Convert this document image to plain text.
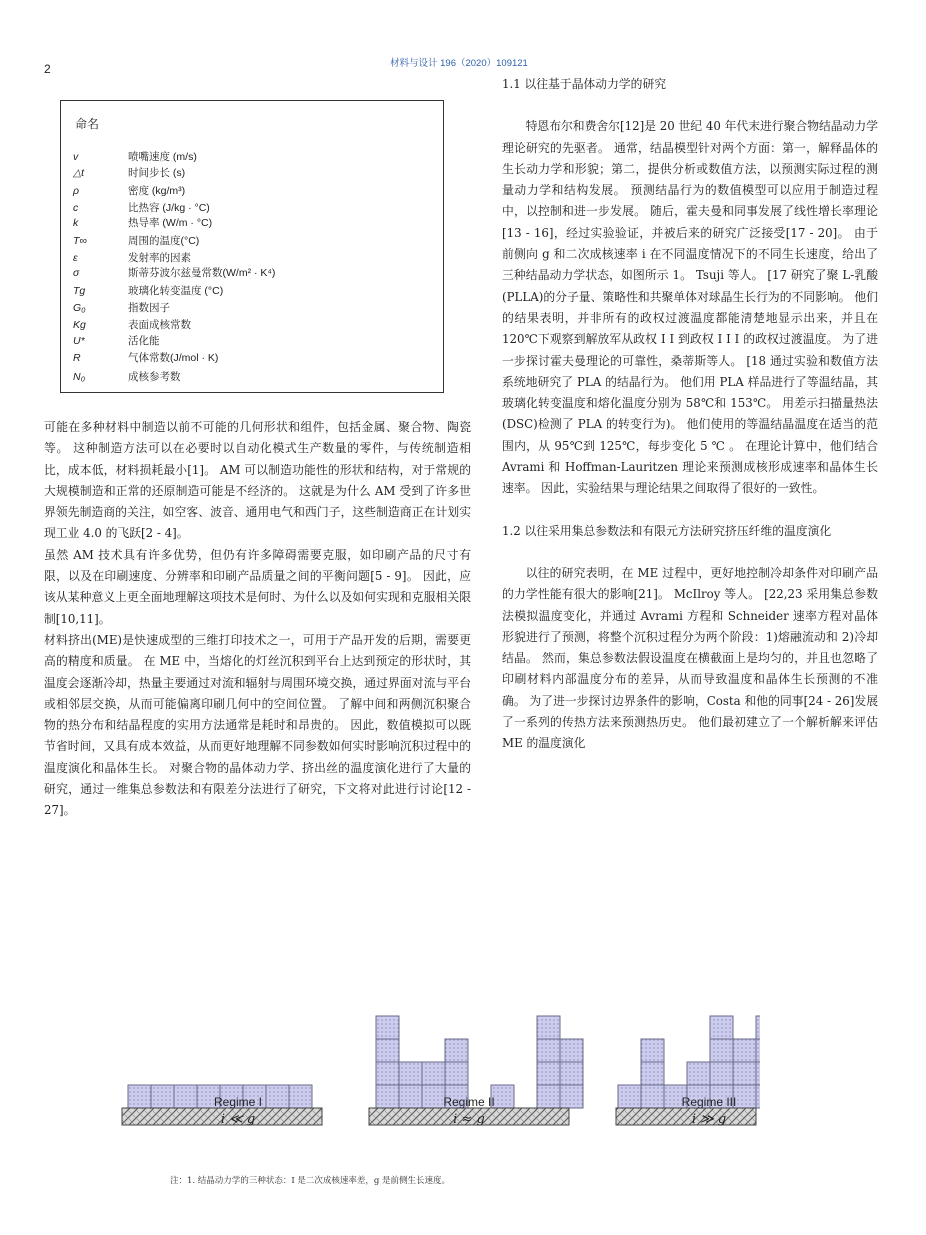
2	材料与设计 196（2020）109121
命名
v	喷嘴速度 (m/s)
△t	时间步长 (s)
ρ	密度 (kg/m³)
c	比热容 (J/kg · °C)
k	热导率 (W/m · °C)
T∞	周围的温度(°C)
ε	发射率的因素
σ	斯蒂芬波尔兹曼常数(W/m² · K⁴)
Tg	玻璃化转变温度 (°C)
G₀	指数因子
Kg	表面成核常数
U*	活化能
R	气体常数(J/mol · K)
N₀	成核参考数
可能在多种材料中制造以前不可能的几何形状和组件，包括金属、聚合物、陶瓷等。 这种制造方法可以在必要时以自动化模式生产数量的零件，与传统制造相比，成本低，材料损耗最小[1]。 AM 可以制造功能性的形状和结构，对于常规的大规模制造和正常的还原制造可能是不经济的。 这就是为什么 AM 受到了许多世界领先制造商的关注，如空客、波音、通用电气和西门子，这些制造商正在计划实现工业 4.0 的飞跃[2 - 4]。
虽然 AM 技术具有许多优势，但仍有许多障碍需要克服，如印刷产品的尺寸有限，以及在印刷速度、分辨率和印刷产品质量之间的平衡问题[5 - 9]。 因此，应该从某种意义上更全面地理解这项技术是何时、为什么以及如何实现和克服相关限制[10,11]。
材料挤出(ME)是快速成型的三维打印技术之一，可用于产品开发的后期，需要更高的精度和质量。 在 ME 中，当熔化的灯丝沉积到平台上达到预定的形状时，其温度会逐渐冷却，热量主要通过对流和辐射与周围环境交换，通过界面对流与平台或相邻层交换，从而可能偏离印刷几何中的空间位置。 了解中间和两侧沉积聚合物的热分布和结晶程度的实用方法通常是耗时和昂贵的。 因此，数值模拟可以既节省时间，又具有成本效益，从而更好地理解不同参数如何实时影响沉积过程中的温度演化和晶体生长。 对聚合物的晶体动力学、挤出丝的温度演化进行了大量的研究，通过一维集总参数法和有限差分法进行了研究，下文将对此进行讨论[12 - 27]。
1.1 以往基于晶体动力学的研究
特恩布尔和费舍尔[12]是 20 世纪 40 年代末进行聚合物结晶动力学理论研究的先驱者。 通常，结晶模型针对两个方面：第一，解释晶体的生长动力学和形貌；第二，提供分析或数值方法，以预测实际过程的测量动力学和结构发展。 预测结晶行为的数值模型可以应用于制造过程中，以控制和进一步发展。 随后，霍夫曼和同事发展了线性增长率理论[13 - 16]，经过实验验证，并被后来的研究广泛接受[17 - 20]。 由于前侧向 g 和二次成核速率 i 在不同温度情况下的不同生长速度，给出了三种结晶动力学状态，如图所示 1。 Tsuji 等人。 [17 研究了聚 L-乳酸(PLLA)的分子量、策略性和共聚单体对球晶生长行为的不同影响。 他们的结果表明，并非所有的政权过渡温度都能清楚地显示出来，并且在 120℃下观察到解放军从政权 I I 到政权 I I I 的政权过渡温度。 为了进一步探讨霍夫曼理论的可靠性，桑蒂斯等人。 [18 通过实验和数值方法系统地研究了 PLA 的结晶行为。 他们用 PLA 样品进行了等温结晶，其玻璃化转变温度和熔化温度分别为 58℃和 153℃。 用差示扫描量热法(DSC)检测了 PLA 的转变行为)。 他们使用的等温结晶温度在适当的范围内，从 95℃到 125℃，每步变化 5 ℃ 。 在理论计算中，他们结合 Avrami 和 Hoffman-Lauritzen 理论来预测成核形成速率和晶体生长速率。 因此，实验结果与理论结果之间取得了很好的一致性。
1.2 以往采用集总参数法和有限元方法研究挤压纤维的温度演化
以往的研究表明，在 ME 过程中，更好地控制冷却条件对印刷产品的力学性能有很大的影响[21]。 McIlroy 等人。 [22,23 采用集总参数法模拟温度变化，并通过 Avrami 方程和 Schneider 速率方程对晶体形貌进行了预测，将整个沉积过程分为两个阶段：1)熔融流动和 2)冷却结晶。 然而，集总参数法假设温度在横截面上是均匀的，并且也忽略了印刷材料内部温度分布的差异，从而导致温度和晶体生长预测的不准确。 为了进一步探讨边界条件的影响，Costa 和他的同事[24 - 26]发展了一系列的传热方法来预测热历史。 他们最初建立了一个解析解来评估 ME 的温度演化
Regime I
i ≪ g
Regime II
i ≈ g
Regime III
i ≫ g
注：1. 结晶动力学的三种状态：I 是二次成核速率差，g 是前侧生长速度。
